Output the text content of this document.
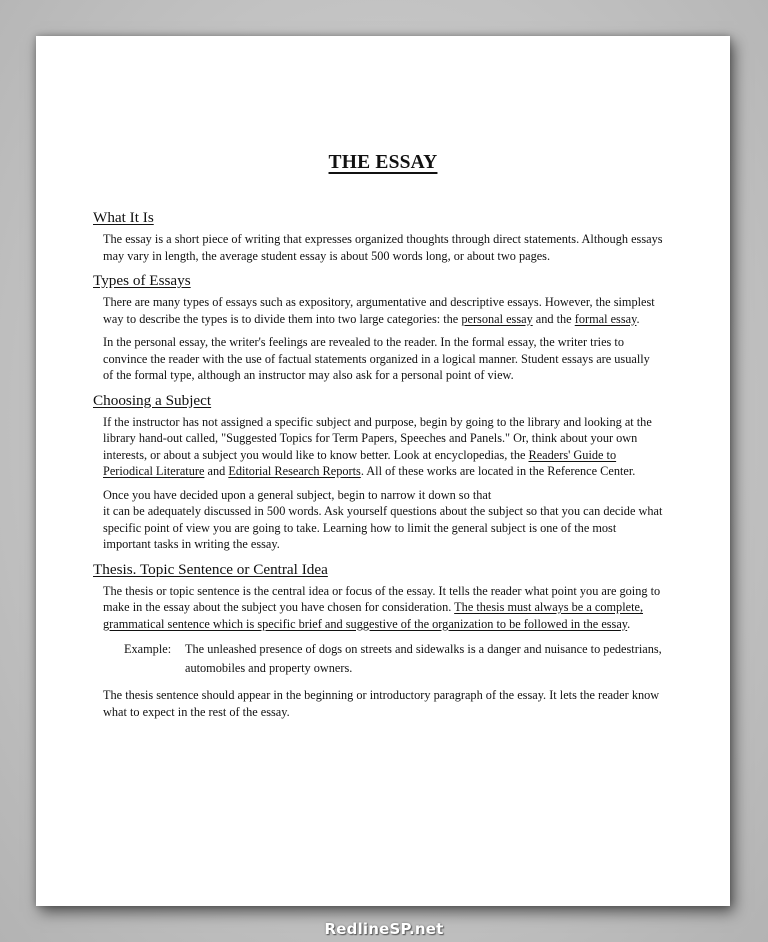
THE ESSAY
What It Is

The essay is a short piece of writing that expresses organized thoughts through direct statements. Although essays may vary in length, the average student essay is about 500 words long, or about two pages.

Types of Essays

There are many types of essays such as expository, argumentative and descriptive essays. However, the simplest way to describe the types is to divide them into two large categories: the personal essay and the formal essay.

In the personal essay, the writer's feelings are revealed to the reader. In the formal essay, the writer tries to convince the reader with the use of factual statements organized in a logical manner. Student essays are usually of the formal type, although an instructor may also ask for a personal point of view.

Choosing a Subject

If the instructor has not assigned a specific subject and purpose, begin by going to the library and looking at the library hand-out called, "Suggested Topics for Term Papers, Speeches and Panels." Or, think about your own interests, or about a subject you would like to know better. Look at encyclopedias, the Readers' Guide to Periodical Literature and Editorial Research Reports. All of these works are located in the Reference Center.

Once you have decided upon a general subject, begin to narrow it down so that
it can be adequately discussed in 500 words. Ask yourself questions about the subject so that you can decide what specific point of view you are going to take. Learning how to limit the general subject is one of the most important tasks in writing the essay.

Thesis. Topic Sentence or Central Idea

The thesis or topic sentence is the central idea or focus of the essay. It tells the reader what point you are going to make in the essay about the subject you have chosen for consideration. The thesis must always be a complete, grammatical sentence which is specific brief and suggestive of the organization to be followed in the essay.

Example:	The unleashed presence of dogs on streets and sidewalks is a danger and nuisance to pedestrians, automobiles and property owners.

The thesis sentence should appear in the beginning or introductory paragraph of the essay. It lets the reader know what to expect in the rest of the essay.

RedlineSP.net
